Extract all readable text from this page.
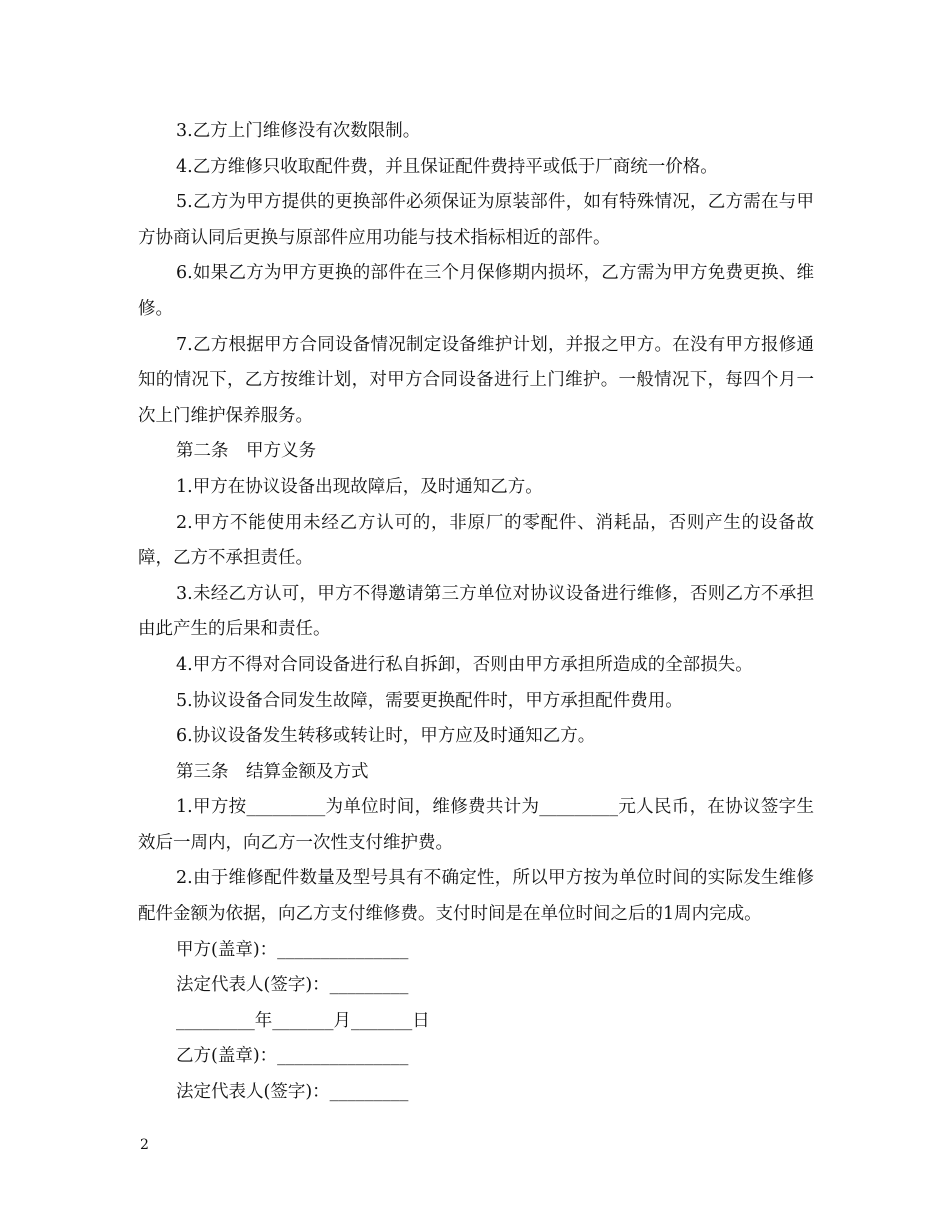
3.乙方上门维修没有次数限制。

4.乙方维修只收取配件费，并且保证配件费持平或低于厂商统一价格。

5.乙方为甲方提供的更换部件必须保证为原装部件，如有特殊情况，乙方需在与甲方协商认同后更换与原部件应用功能与技术指标相近的部件。

6.如果乙方为甲方更换的部件在三个月保修期内损坏，乙方需为甲方免费更换、维修。

7.乙方根据甲方合同设备情况制定设备维护计划，并报之甲方。在没有甲方报修通知的情况下，乙方按维计划，对甲方合同设备进行上门维护。一般情况下，每四个月一次上门维护保养服务。

第二条　甲方义务

1.甲方在协议设备出现故障后，及时通知乙方。

2.甲方不能使用未经乙方认可的，非原厂的零配件、消耗品，否则产生的设备故障，乙方不承担责任。

3.未经乙方认可，甲方不得邀请第三方单位对协议设备进行维修，否则乙方不承担由此产生的后果和责任。

4.甲方不得对合同设备进行私自拆卸，否则由甲方承担所造成的全部损失。

5.协议设备合同发生故障，需要更换配件时，甲方承担配件费用。

6.协议设备发生转移或转让时，甲方应及时通知乙方。

第三条　结算金额及方式

1.甲方按_________为单位时间，维修费共计为_________元人民币，在协议签字生效后一周内，向乙方一次性支付维护费。

2.由于维修配件数量及型号具有不确定性，所以甲方按为单位时间的实际发生维修配件金额为依据，向乙方支付维修费。支付时间是在单位时间之后的1周内完成。

甲方(盖章)：_______________

法定代表人(签字)：_________

_________年_______月_______日

乙方(盖章)：_______________

法定代表人(签字)：_________

2
